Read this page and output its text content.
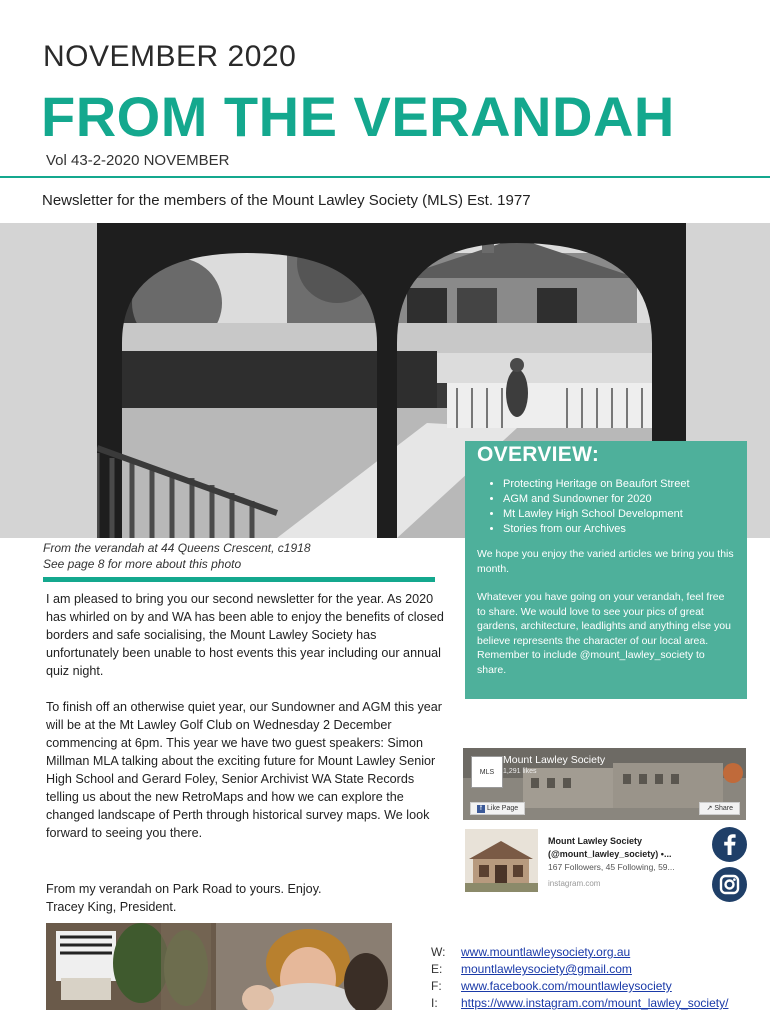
NOVEMBER 2020
FROM THE VERANDAH
Vol 43-2-2020 NOVEMBER
Newsletter for the members of the Mount Lawley Society (MLS) Est. 1977
From the verandah at 44 Queens Crescent, c1918
See page 8 for more about this photo
OVERVIEW:
• Protecting Heritage on Beaufort Street
• AGM and Sundowner for 2020
• Mt Lawley High School Development
• Stories from our Archives

We hope you enjoy the varied articles we bring you this month.

Whatever you have going on your verandah, feel free to share. We would love to see your pics of great gardens, architecture, leadlights and anything else you believe represents the character of our local area. Remember to include @mount_lawley_society to share.

I am pleased to bring you our second newsletter for the year. As 2020 has whirled on by and WA has been able to enjoy the benefits of closed borders and safe socialising, the Mount Lawley Society has unfortunately been unable to host events this year including our annual quiz night.

To finish off an otherwise quiet year, our Sundowner and AGM this year will be at the Mt Lawley Golf Club on Wednesday 2 December commencing at 6pm. This year we have two guest speakers: Simon Millman MLA talking about the exciting future for Mount Lawley Senior High School and Gerard Foley, Senior Archivist WA State Records telling us about the new RetroMaps and how we can explore the changed landscape of Perth through historical survey maps. We look forward to seeing you there.

From my verandah on Park Road to yours. Enjoy.
Tracey King, President.
MLS
Mount Lawley Society
1,291 likes
f Like Page	↗ Share
Mount Lawley Society
(@mount_lawley_society) •...
167 Followers, 45 Following, 59...
instagram.com
W:	www.mountlawleysociety.org.au
E:	mountlawleysociety@gmail.com
F:	www.facebook.com/mountlawleysociety
I:	https://www.instagram.com/mount_lawley_society/
